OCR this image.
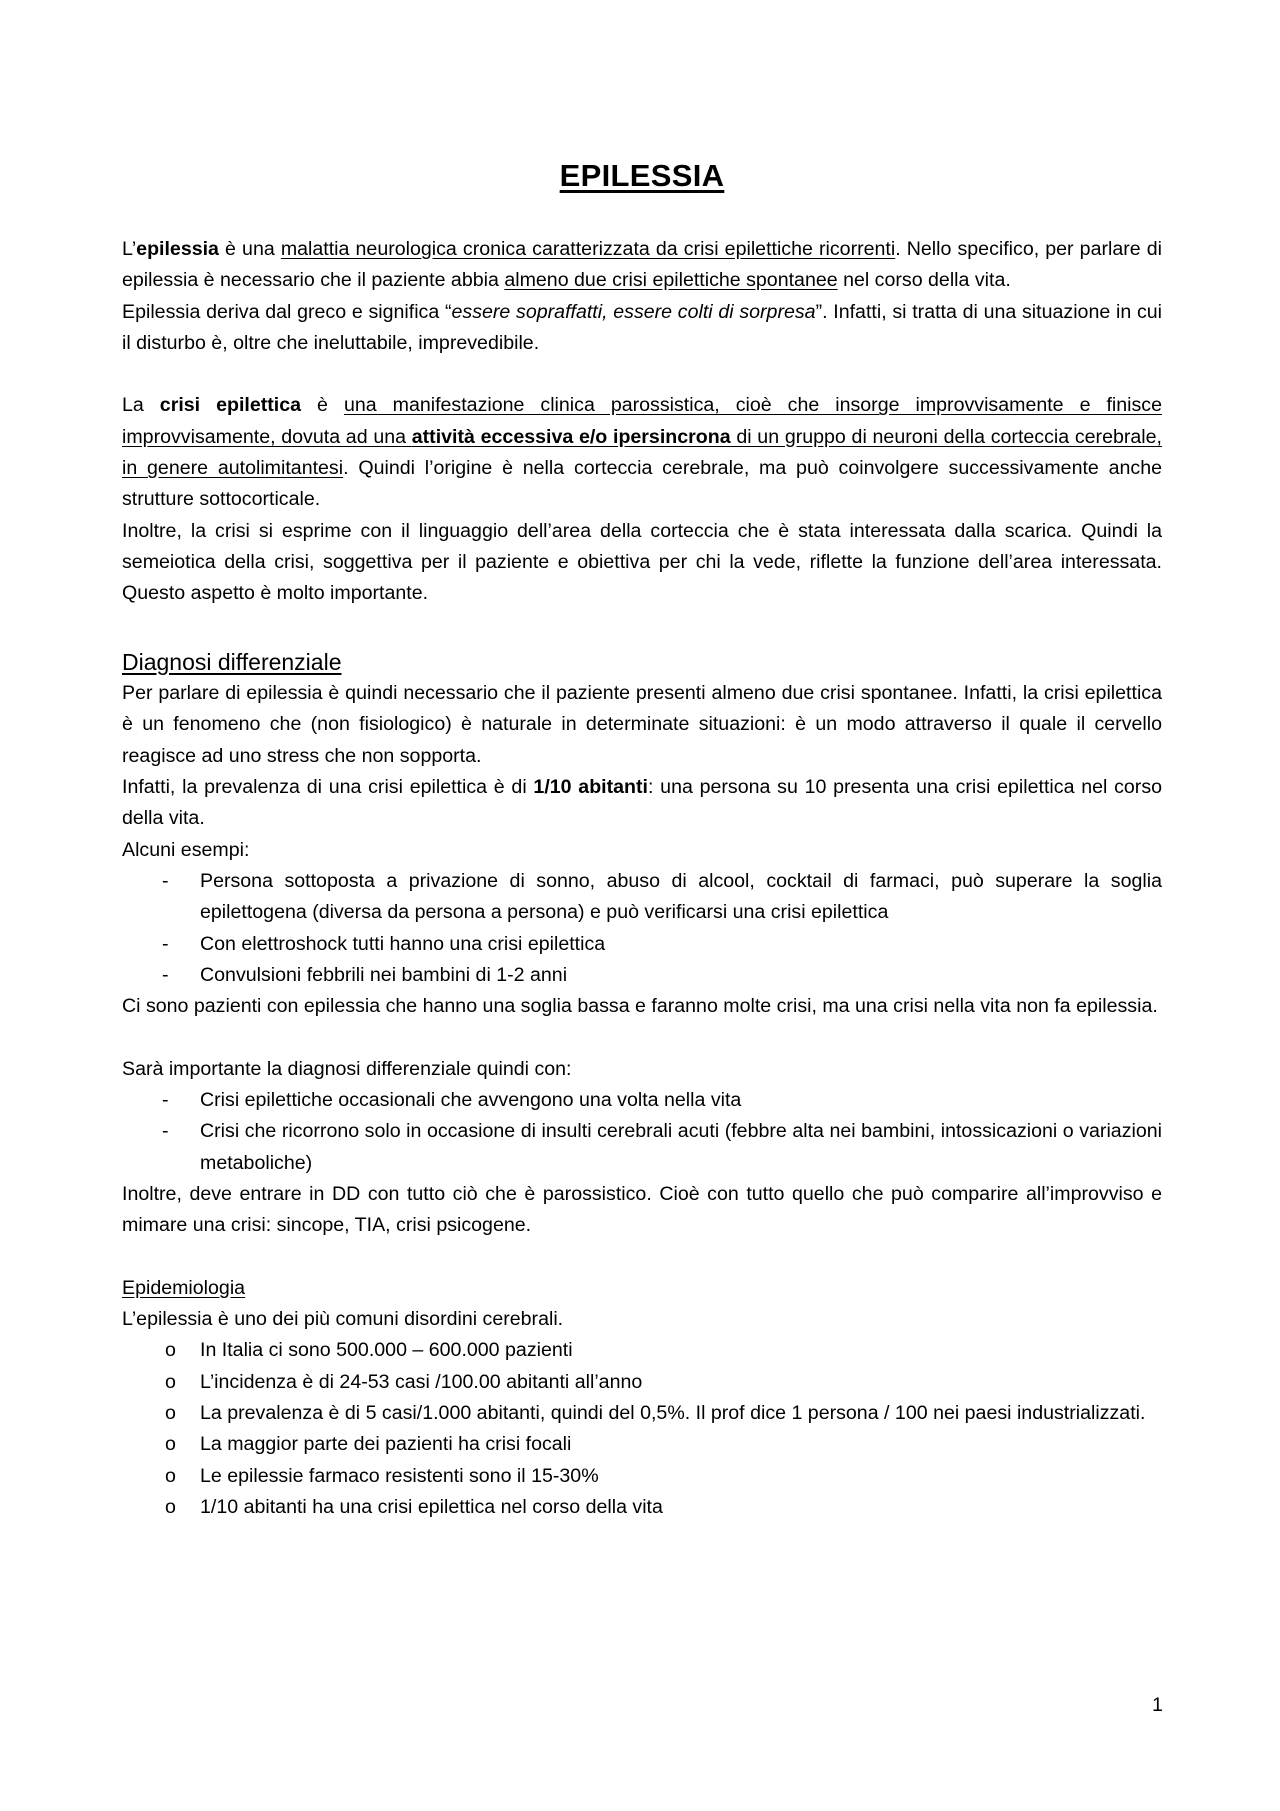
EPILESSIA

L’epilessia è una malattia neurologica cronica caratterizzata da crisi epilettiche ricorrenti. Nello specifico, per parlare di epilessia è necessario che il paziente abbia almeno due crisi epilettiche spontanee nel corso della vita.

Epilessia deriva dal greco e significa “essere sopraffatti, essere colti di sorpresa”. Infatti, si tratta di una situazione in cui il disturbo è, oltre che ineluttabile, imprevedibile.

La crisi epilettica è una manifestazione clinica parossistica, cioè che insorge improvvisamente e finisce improvvisamente, dovuta ad una attività eccessiva e/o ipersincrona di un gruppo di neuroni della corteccia cerebrale, in genere autolimitantesi. Quindi l’origine è nella corteccia cerebrale, ma può coinvolgere successivamente anche strutture sottocorticale.

Inoltre, la crisi si esprime con il linguaggio dell’area della corteccia che è stata interessata dalla scarica. Quindi la semeiotica della crisi, soggettiva per il paziente e obiettiva per chi la vede, riflette la funzione dell’area interessata. Questo aspetto è molto importante.

Diagnosi differenziale

Per parlare di epilessia è quindi necessario che il paziente presenti almeno due crisi spontanee. Infatti, la crisi epilettica è un fenomeno che (non fisiologico) è naturale in determinate situazioni: è un modo attraverso il quale il cervello reagisce ad uno stress che non sopporta.

Infatti, la prevalenza di una crisi epilettica è di 1/10 abitanti: una persona su 10 presenta una crisi epilettica nel corso della vita.

Alcuni esempi:

- Persona sottoposta a privazione di sonno, abuso di alcool, cocktail di farmaci, può superare la soglia epilettogena (diversa da persona a persona) e può verificarsi una crisi epilettica
- Con elettroshock tutti hanno una crisi epilettica
- Convulsioni febbrili nei bambini di 1-2 anni

Ci sono pazienti con epilessia che hanno una soglia bassa e faranno molte crisi, ma una crisi nella vita non fa epilessia.

Sarà importante la diagnosi differenziale quindi con:

- Crisi epilettiche occasionali che avvengono una volta nella vita
- Crisi che ricorrono solo in occasione di insulti cerebrali acuti (febbre alta nei bambini, intossicazioni o variazioni metaboliche)

Inoltre, deve entrare in DD con tutto ciò che è parossistico. Cioè con tutto quello che può comparire all’improvviso e mimare una crisi: sincope, TIA, crisi psicogene.

Epidemiologia

L’epilessia è uno dei più comuni disordini cerebrali.

o In Italia ci sono 500.000 – 600.000 pazienti
o L’incidenza è di 24-53 casi /100.00 abitanti all’anno
o La prevalenza è di 5 casi/1.000 abitanti, quindi del 0,5%. Il prof dice 1 persona / 100 nei paesi industrializzati.
o La maggior parte dei pazienti ha crisi focali
o Le epilessie farmaco resistenti sono il 15-30%
o 1/10 abitanti ha una crisi epilettica nel corso della vita
1
